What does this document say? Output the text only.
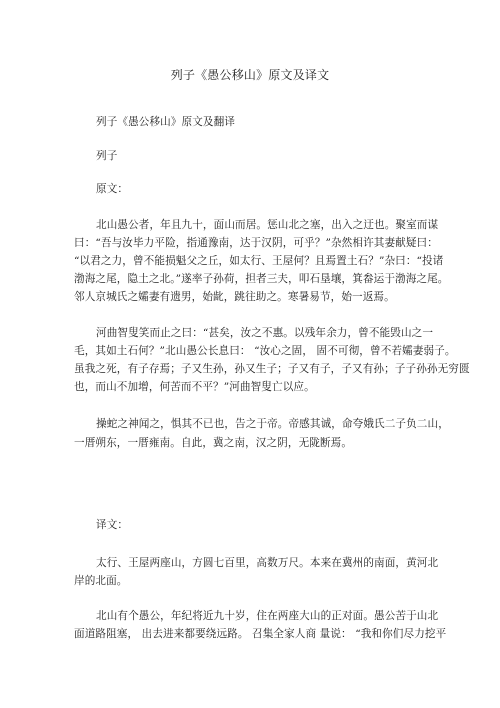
列子《愚公移山》原文及译文
列子《愚公移山》原文及翻译
列子
原文：
北山愚公者，年且九十，面山而居。惩山北之塞，出入之迂也。聚室而谋
曰：“吾与汝毕力平险，指通豫南，达于汉阴，可乎？”杂然相许其妻献疑曰：
“以君之力，曾不能损魁父之丘，如太行、王屋何？且焉置土石？”杂曰：“投诸
渤海之尾，隐土之北。”遂率子孙荷，担者三夫，叩石垦壤，箕畚运于渤海之尾。
邻人京城氏之孀妻有遗男，始龀，跳往助之。寒暑易节，始一返焉。
河曲智叟笑而止之曰：“甚矣，汝之不惠。以残年余力，曾不能毁山之一
毛，其如土石何？”北山愚公长息曰： “汝心之固， 固不可彻，曾不若孀妻弱子。
虽我之死，有子存焉；子又生孙，孙又生子；子又有子，子又有孙；子子孙孙无穷匮
也，而山不加增，何苦而不平？”河曲智叟亡以应。
操蛇之神闻之，惧其不已也，告之于帝。帝感其诚，命夸娥氏二子负二山，
一厝朔东，一厝雍南。自此，冀之南，汉之阴，无陇断焉。
译文：
太行、王屋两座山，方圆七百里，高数万尺。本来在冀州的南面，黄河北
岸的北面。
北山有个愚公，年纪将近九十岁，住在两座大山的正对面。愚公苦于山北
面道路阻塞， 出去进来都要绕远路。 召集全家人商 量说： “我和你们尽力挖平
